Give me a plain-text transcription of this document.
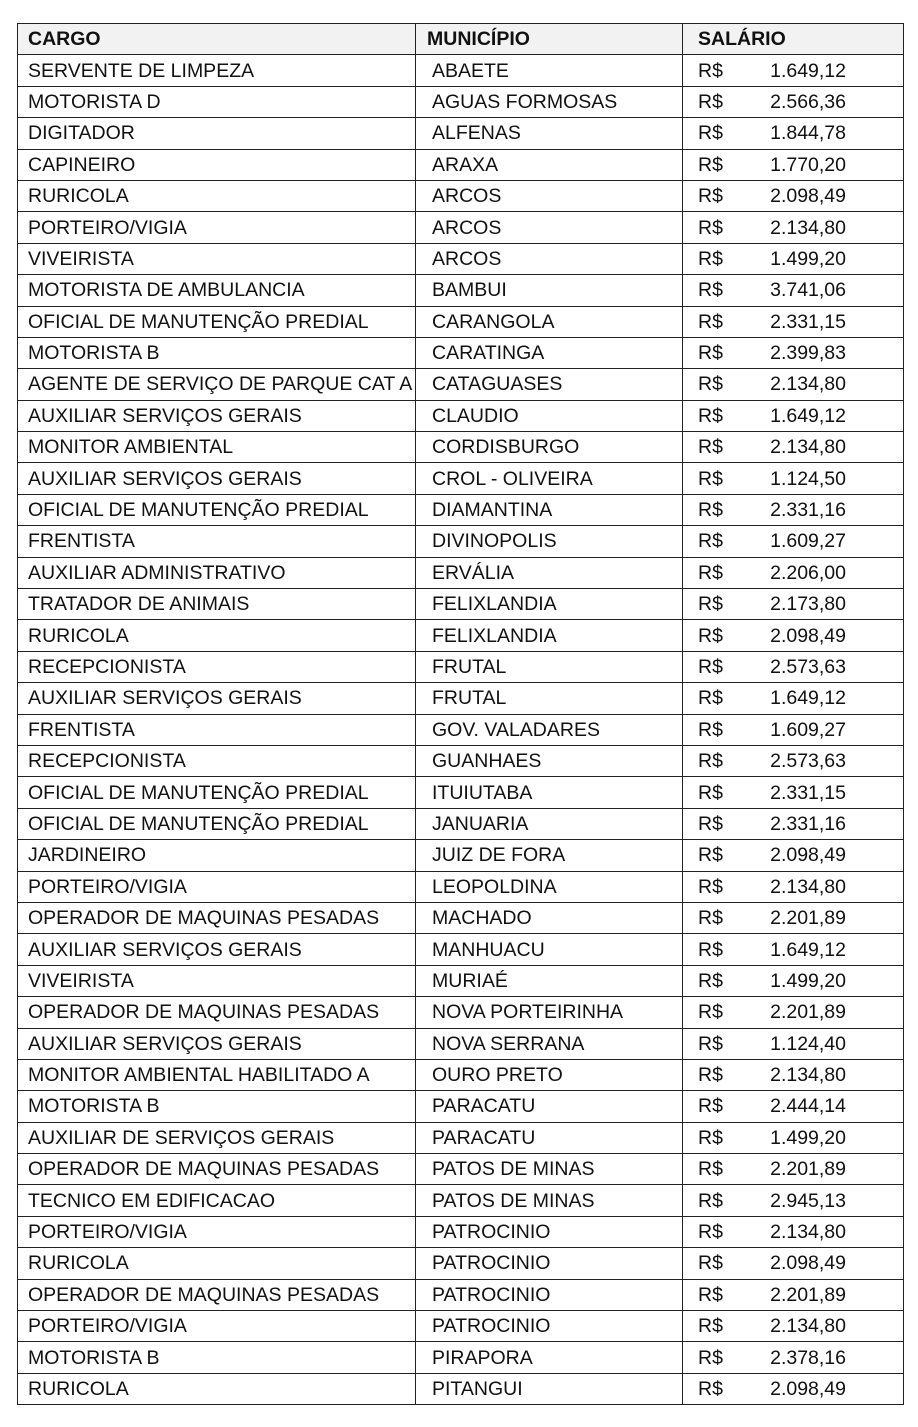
CARGO	MUNICÍPIO	SALÁRIO
SERVENTE DE LIMPEZA	ABAETE	R$ 1.649,12

MOTORISTA D	AGUAS FORMOSAS	R$ 2.566,36

DIGITADOR	ALFENAS	R$ 1.844,78

CAPINEIRO	ARAXA	R$ 1.770,20

RURICOLA	ARCOS	R$ 2.098,49

PORTEIRO/VIGIA	ARCOS	R$ 2.134,80

VIVEIRISTA	ARCOS	R$ 1.499,20

MOTORISTA DE AMBULANCIA	BAMBUI	R$ 3.741,06

OFICIAL DE MANUTENÇÃO PREDIAL	CARANGOLA	R$ 2.331,15

MOTORISTA B	CARATINGA	R$ 2.399,83

AGENTE DE SERVIÇO DE PARQUE CAT A	CATAGUASES	R$ 2.134,80

AUXILIAR SERVIÇOS GERAIS	CLAUDIO	R$ 1.649,12

MONITOR AMBIENTAL	CORDISBURGO	R$ 2.134,80

AUXILIAR SERVIÇOS GERAIS	CROL - OLIVEIRA	R$ 1.124,50

OFICIAL DE MANUTENÇÃO PREDIAL	DIAMANTINA	R$ 2.331,16

FRENTISTA	DIVINOPOLIS	R$ 1.609,27

AUXILIAR ADMINISTRATIVO	ERVÁLIA	R$ 2.206,00

TRATADOR DE ANIMAIS	FELIXLANDIA	R$ 2.173,80

RURICOLA	FELIXLANDIA	R$ 2.098,49

RECEPCIONISTA	FRUTAL	R$ 2.573,63

AUXILIAR SERVIÇOS GERAIS	FRUTAL	R$ 1.649,12

FRENTISTA	GOV. VALADARES	R$ 1.609,27

RECEPCIONISTA	GUANHAES	R$ 2.573,63

OFICIAL DE MANUTENÇÃO PREDIAL	ITUIUTABA	R$ 2.331,15

OFICIAL DE MANUTENÇÃO PREDIAL	JANUARIA	R$ 2.331,16

JARDINEIRO	JUIZ DE FORA	R$ 2.098,49

PORTEIRO/VIGIA	LEOPOLDINA	R$ 2.134,80

OPERADOR DE MAQUINAS PESADAS	MACHADO	R$ 2.201,89

AUXILIAR SERVIÇOS GERAIS	MANHUACU	R$ 1.649,12

VIVEIRISTA	MURIAÉ	R$ 1.499,20

OPERADOR DE MAQUINAS PESADAS	NOVA PORTEIRINHA	R$ 2.201,89

AUXILIAR SERVIÇOS GERAIS	NOVA SERRANA	R$ 1.124,40

MONITOR AMBIENTAL HABILITADO A	OURO PRETO	R$ 2.134,80

MOTORISTA B	PARACATU	R$ 2.444,14

AUXILIAR DE SERVIÇOS GERAIS	PARACATU	R$ 1.499,20

OPERADOR DE MAQUINAS PESADAS	PATOS DE MINAS	R$ 2.201,89

TECNICO EM EDIFICACAO	PATOS DE MINAS	R$ 2.945,13

PORTEIRO/VIGIA	PATROCINIO	R$ 2.134,80

RURICOLA	PATROCINIO	R$ 2.098,49

OPERADOR DE MAQUINAS PESADAS	PATROCINIO	R$ 2.201,89

PORTEIRO/VIGIA	PATROCINIO	R$ 2.134,80

MOTORISTA B	PIRAPORA	R$ 2.378,16

RURICOLA	PITANGUI	R$ 2.098,49
